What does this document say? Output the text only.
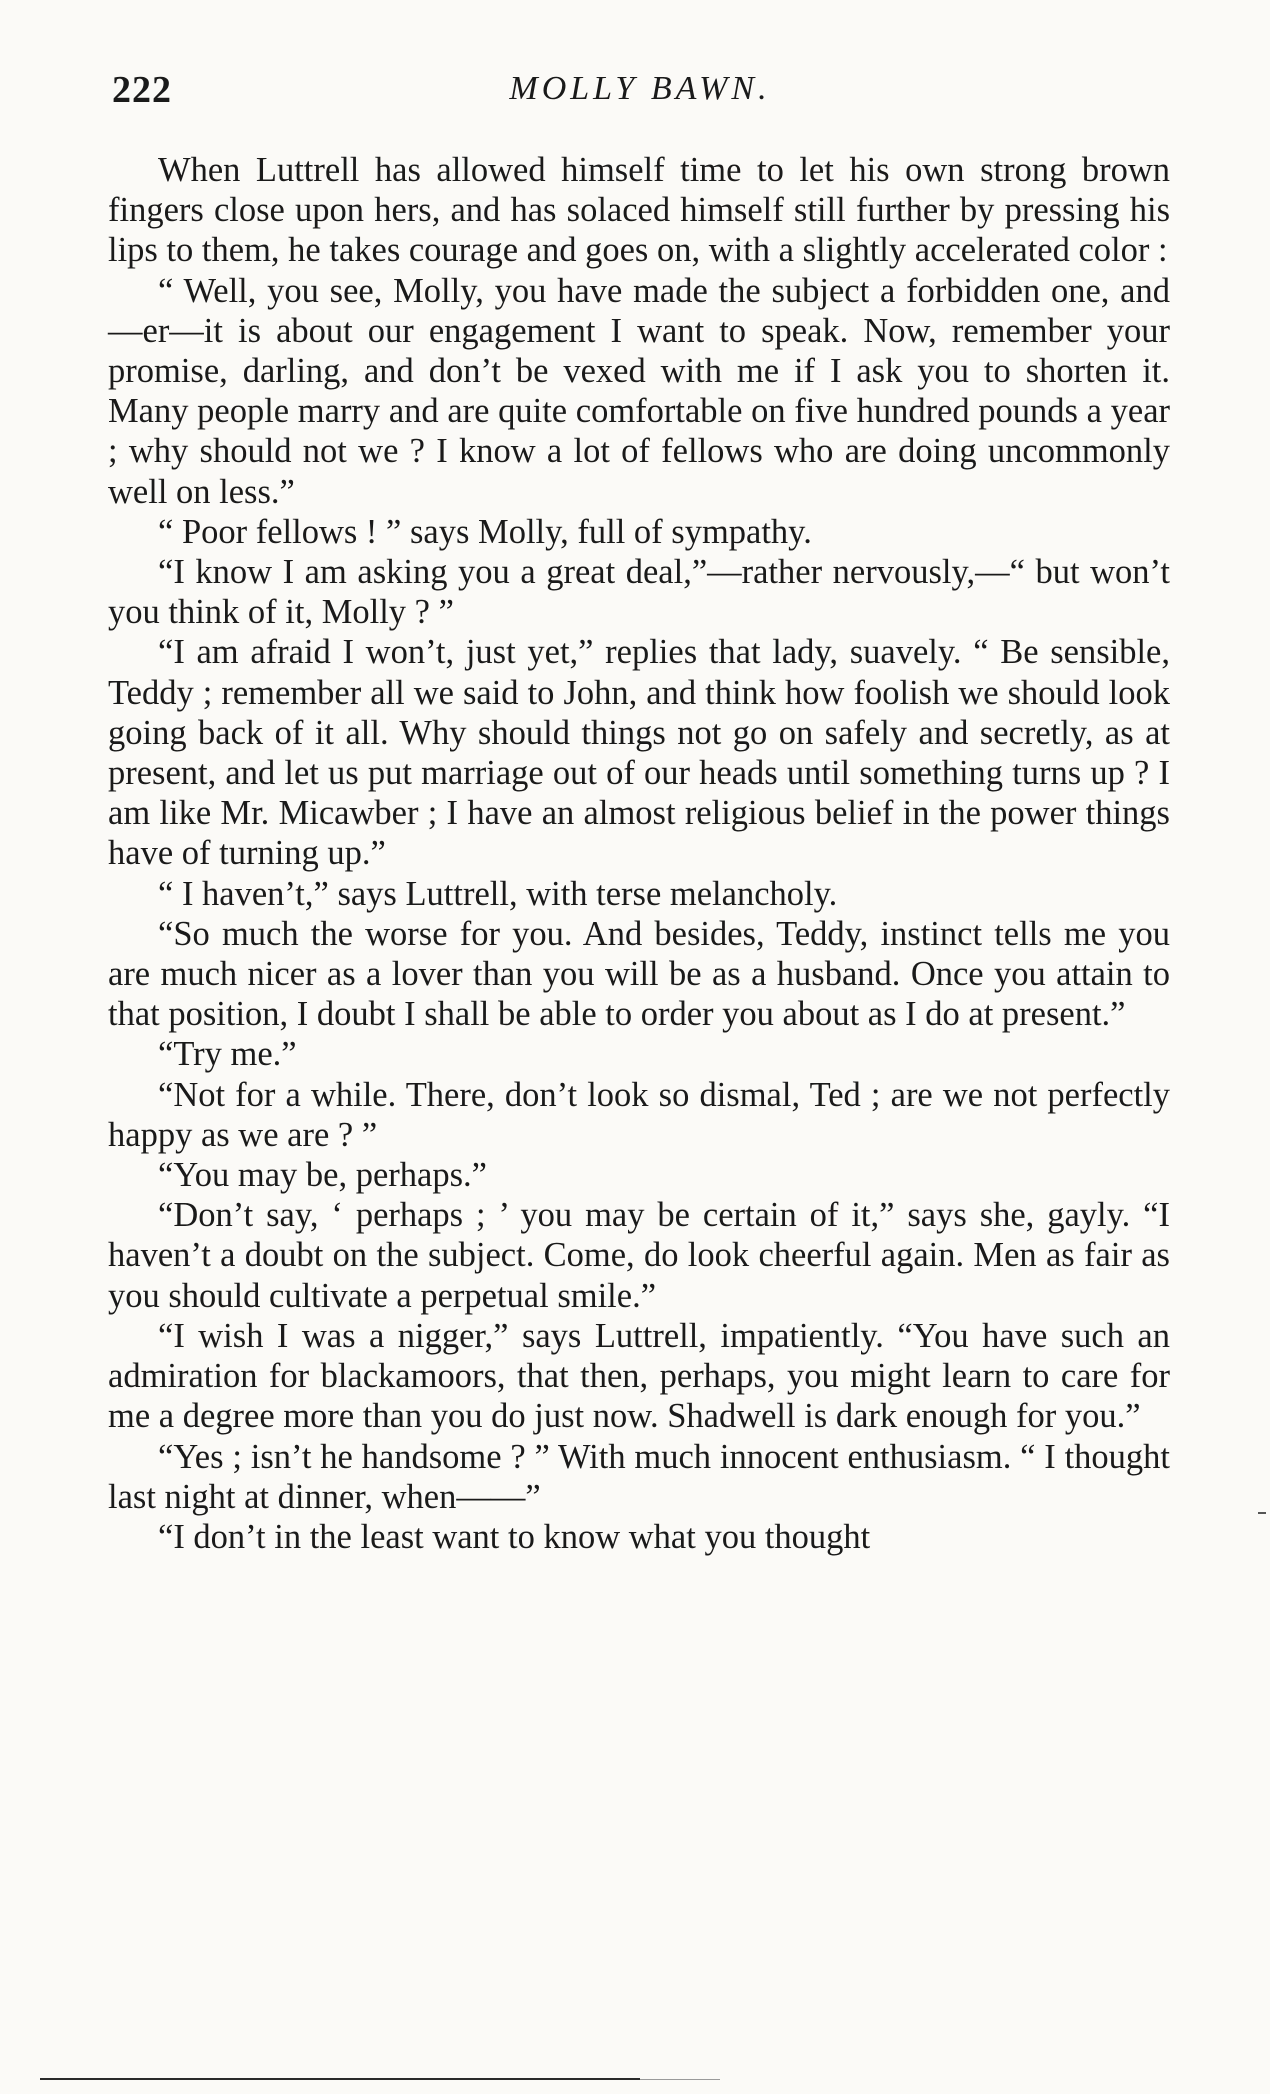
222	MOLLY BAWN.

When Luttrell has allowed himself time to let his own strong brown fingers close upon hers, and has solaced himself still further by pressing his lips to them, he takes courage and goes on, with a slightly accelerated color :

“ Well, you see, Molly, you have made the subject a forbidden one, and—er—it is about our engagement I want to speak. Now, remember your promise, darling, and don’t be vexed with me if I ask you to shorten it. Many people marry and are quite comfortable on five hundred pounds a year ; why should not we ? I know a lot of fellows who are doing uncommonly well on less.”

“ Poor fellows ! ” says Molly, full of sympathy.

“I know I am asking you a great deal,”—rather nervously,—“ but won’t you think of it, Molly ? ”

“I am afraid I won’t, just yet,” replies that lady, suavely. “ Be sensible, Teddy ; remember all we said to John, and think how foolish we should look going back of it all. Why should things not go on safely and secretly, as at present, and let us put marriage out of our heads until something turns up ? I am like Mr. Micawber ; I have an almost religious belief in the power things have of turning up.”

“ I haven’t,” says Luttrell, with terse melancholy.

“So much the worse for you. And besides, Teddy, instinct tells me you are much nicer as a lover than you will be as a husband. Once you attain to that position, I doubt I shall be able to order you about as I do at present.”

“Try me.”

“Not for a while. There, don’t look so dismal, Ted ; are we not perfectly happy as we are ? ”

“You may be, perhaps.”

“Don’t say, ‘ perhaps ; ’ you may be certain of it,” says she, gayly. “I haven’t a doubt on the subject. Come, do look cheerful again. Men as fair as you should cultivate a perpetual smile.”

“I wish I was a nigger,” says Luttrell, impatiently. “You have such an admiration for blackamoors, that then, perhaps, you might learn to care for me a degree more than you do just now. Shadwell is dark enough for you.”

“Yes ; isn’t he handsome ? ” With much innocent enthusiasm. “ I thought last night at dinner, when——”

“I don’t in the least want to know what you thought
